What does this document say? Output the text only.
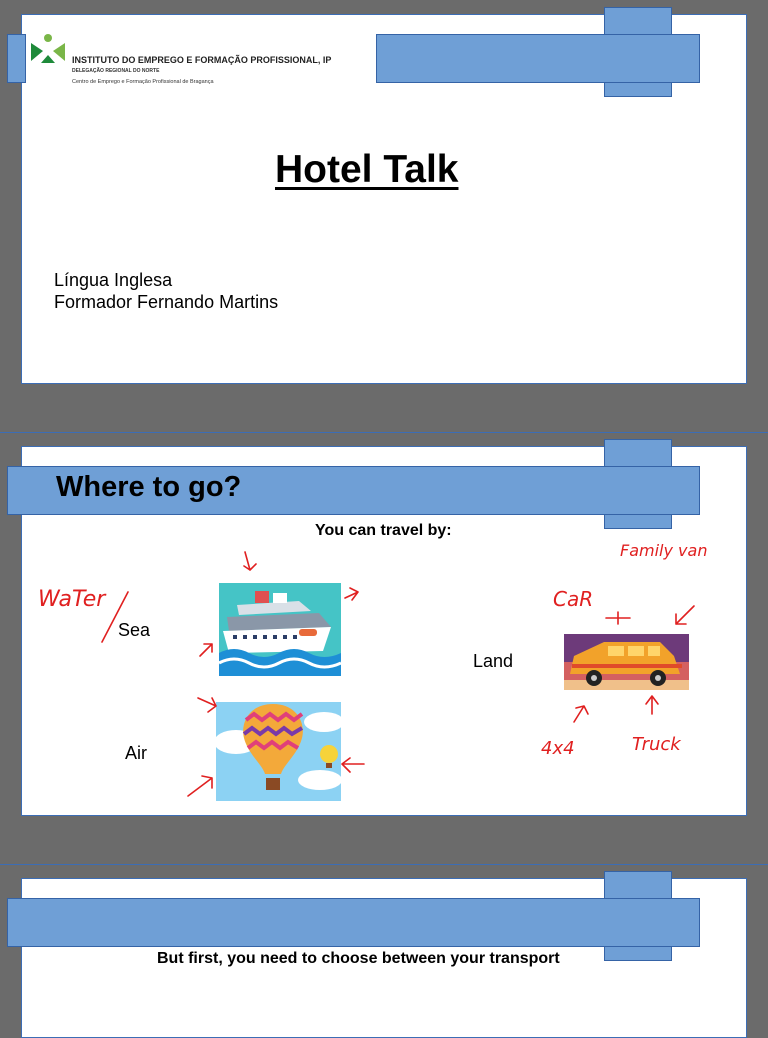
INSTITUTO DO EMPREGO E FORMAÇÃO PROFISSIONAL, IP
DELEGAÇÃO REGIONAL DO NORTE
Centro de Emprego e Formação Profissional de Bragança
Hotel Talk
Língua Inglesa
Formador Fernando Martins
Where to go?
You can travel by:
Sea
Air
Land
WaTer
Family van
CaR
4x4	Truck
But first, you need to choose between your transport
